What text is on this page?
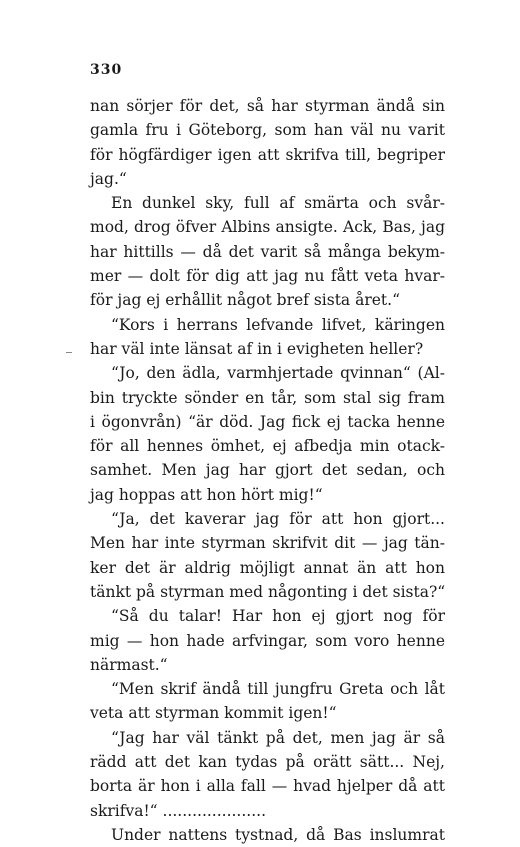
330
nan sörjer för det, så har styrman ändå sin
gamla fru i Göteborg, som han väl nu varit
för högfärdiger igen att skrifva till, begriper
jag.“
En dunkel sky, full af smärta och svår-
mod, drog öfver Albins ansigte. Ack, Bas, jag
har hittills — då det varit så många bekym-
mer — dolt för dig att jag nu fått veta hvar-
för jag ej erhållit något bref sista året.“
“Kors i herrans lefvande lifvet, käringen
har väl inte länsat af in i evigheten heller?
“Jo, den ädla, varmhjertade qvinnan“ (Al-
bin tryckte sönder en tår, som stal sig fram
i ögonvrån) “är död. Jag fick ej tacka henne
för all hennes ömhet, ej afbedja min otack-
samhet. Men jag har gjort det sedan, och
jag hoppas att hon hört mig!“
“Ja, det kaverar jag för att hon gjort...
Men har inte styrman skrifvit dit — jag tän-
ker det är aldrig möjligt annat än att hon
tänkt på styrman med någonting i det sista?“
“Så du talar! Har hon ej gjort nog för
mig — hon hade arfvingar, som voro henne
närmast.“
“Men skrif ändå till jungfru Greta och låt
veta att styrman kommit igen!“
“Jag har väl tänkt på det, men jag är så
rädd att det kan tydas på orätt sätt... Nej,
borta är hon i alla fall — hvad hjelper då att
skrifva!“ .....................
Under nattens tystnad, då Bas inslumrat
